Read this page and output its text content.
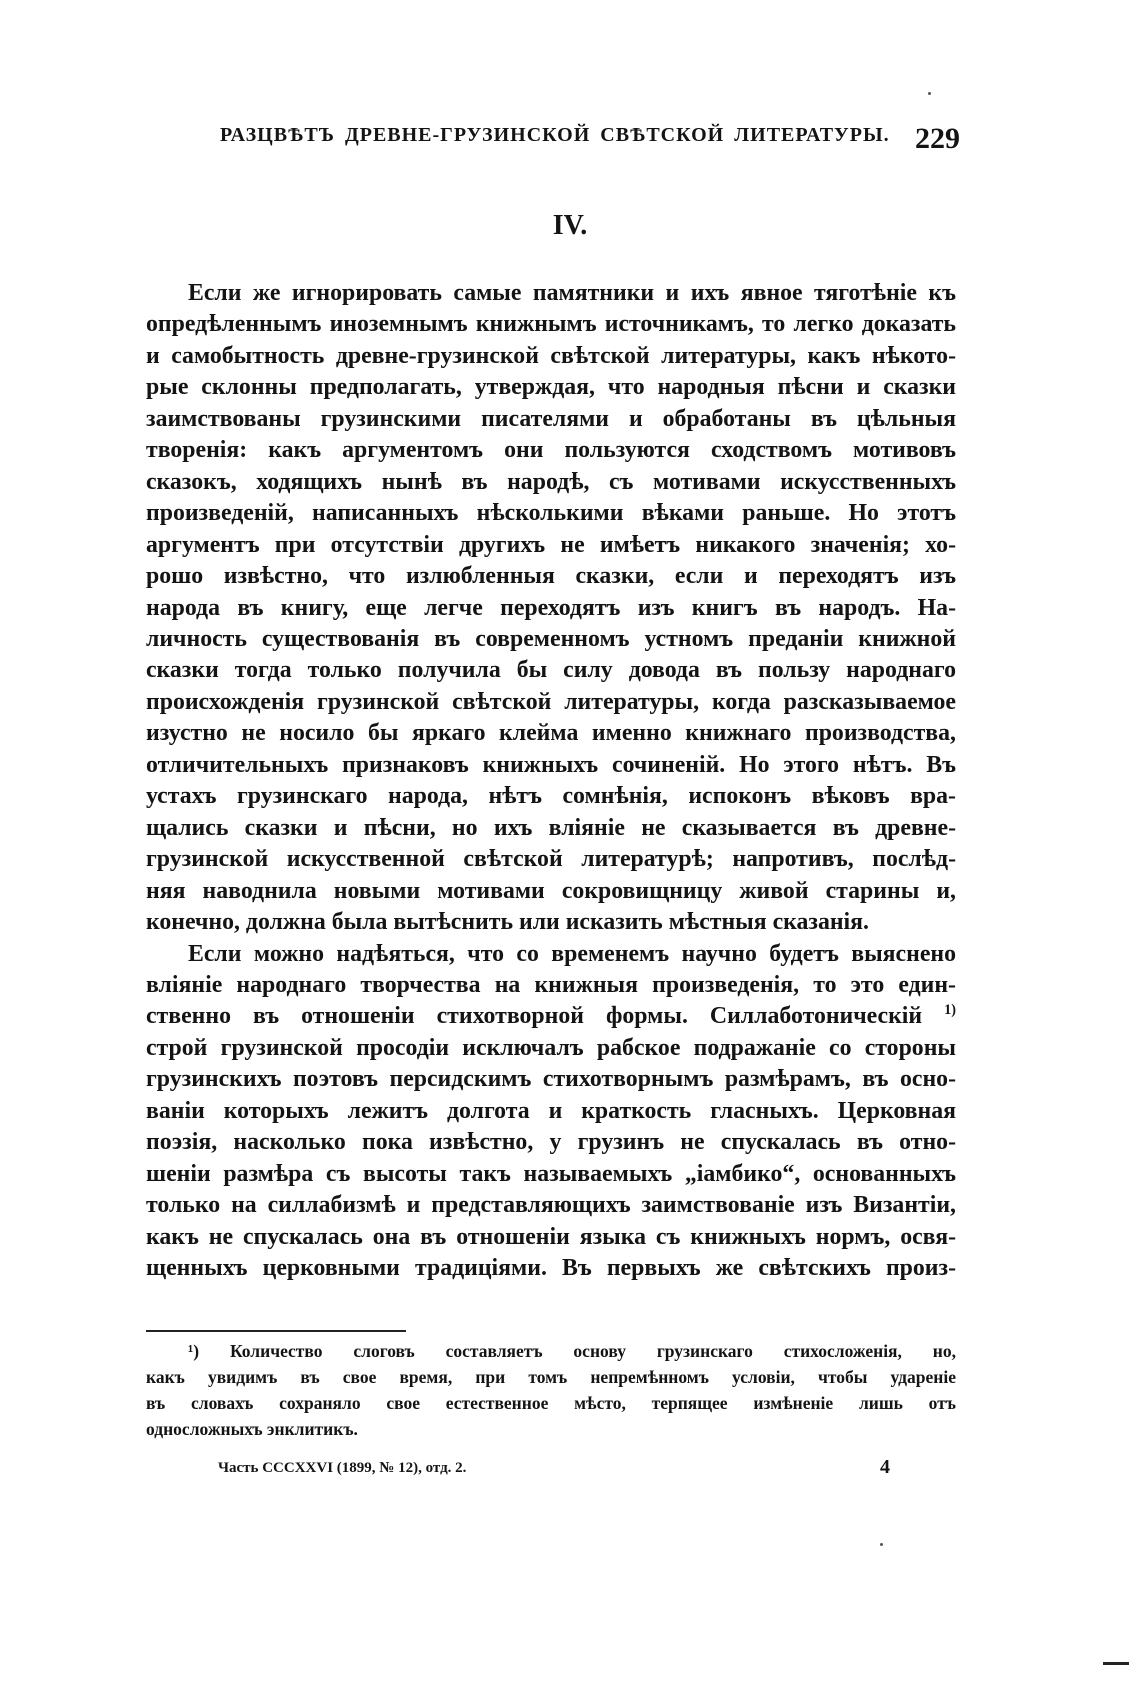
РАЗЦВѢТЪ ДРЕВНЕ-ГРУЗИНСКОЙ СВѢТСКОЙ ЛИТЕРАТУРЫ. 229
IV.
Если же игнорировать самые памятники и ихъ явное тяготѣніе къ
опредѣленнымъ иноземнымъ книжнымъ источникамъ, то легко доказать
и самобытность древне-грузинской свѣтской литературы, какъ нѣкото-
рые склонны предполагать, утверждая, что народныя пѣсни и сказки
заимствованы грузинскими писателями и обработаны въ цѣльныя
творенія: какъ аргументомъ они пользуются сходствомъ мотивовъ
сказокъ, ходящихъ нынѣ въ народѣ, съ мотивами искусственныхъ
произведеній, написанныхъ нѣсколькими вѣками раньше. Но этотъ
аргументъ при отсутствіи другихъ не имѣетъ никакого значенія; хо-
рошо извѣстно, что излюбленныя сказки, если и переходятъ изъ
народа въ книгу, еще легче переходятъ изъ книгъ въ народъ. На-
личность существованія въ современномъ устномъ преданіи книжной
сказки тогда только получила бы силу довода въ пользу народнаго
происхожденія грузинской свѣтской литературы, когда разсказываемое
изустно не носило бы яркаго клейма именно книжнаго производства,
отличительныхъ признаковъ книжныхъ сочиненій. Но этого нѣтъ. Въ
устахъ грузинскаго народа, нѣтъ сомнѣнія, испоконъ вѣковъ вра-
щались сказки и пѣсни, но ихъ вліяніе не сказывается въ древне-
грузинской искусственной свѣтской литературѣ; напротивъ, послѣд-
няя наводнила новыми мотивами сокровищницу живой старины и,
конечно, должна была вытѣснить или исказить мѣстныя сказанія.
Если можно надѣяться, что со временемъ научно будетъ выяснено
вліяніе народнаго творчества на книжныя произведенія, то это един-
ственно въ отношеніи стихотворной формы. Силлаботоническій $^{1)}$
строй грузинской просодіи исключалъ рабское подражаніе со стороны
грузинскихъ поэтовъ персидскимъ стихотворнымъ размѣрамъ, въ осно-
ваніи которыхъ лежитъ долгота и краткость гласныхъ. Церковная
поэзія, насколько пока извѣстно, у грузинъ не спускалась въ отно-
шеніи размѣра съ высоты такъ называемыхъ „іамбико“, основанныхъ
только на силлабизмѣ и представляющихъ заимствованіе изъ Византіи,
какъ не спускалась она въ отношеніи языка съ книжныхъ нормъ, освя-
щенныхъ церковными традиціями. Въ первыхъ же свѣтскихъ произ-
¹) Количество слоговъ составляетъ основу грузинскаго стихосложенія, но,
какъ увидимъ въ свое время, при томъ непремѣнномъ условіи, чтобы удареніе
въ словахъ сохраняло свое естественное мѣсто, терпящее измѣненіе лишь отъ
односложныхъ энклитикъ.
Часть CCCXXVI (1899, № 12), отд. 2.	4
